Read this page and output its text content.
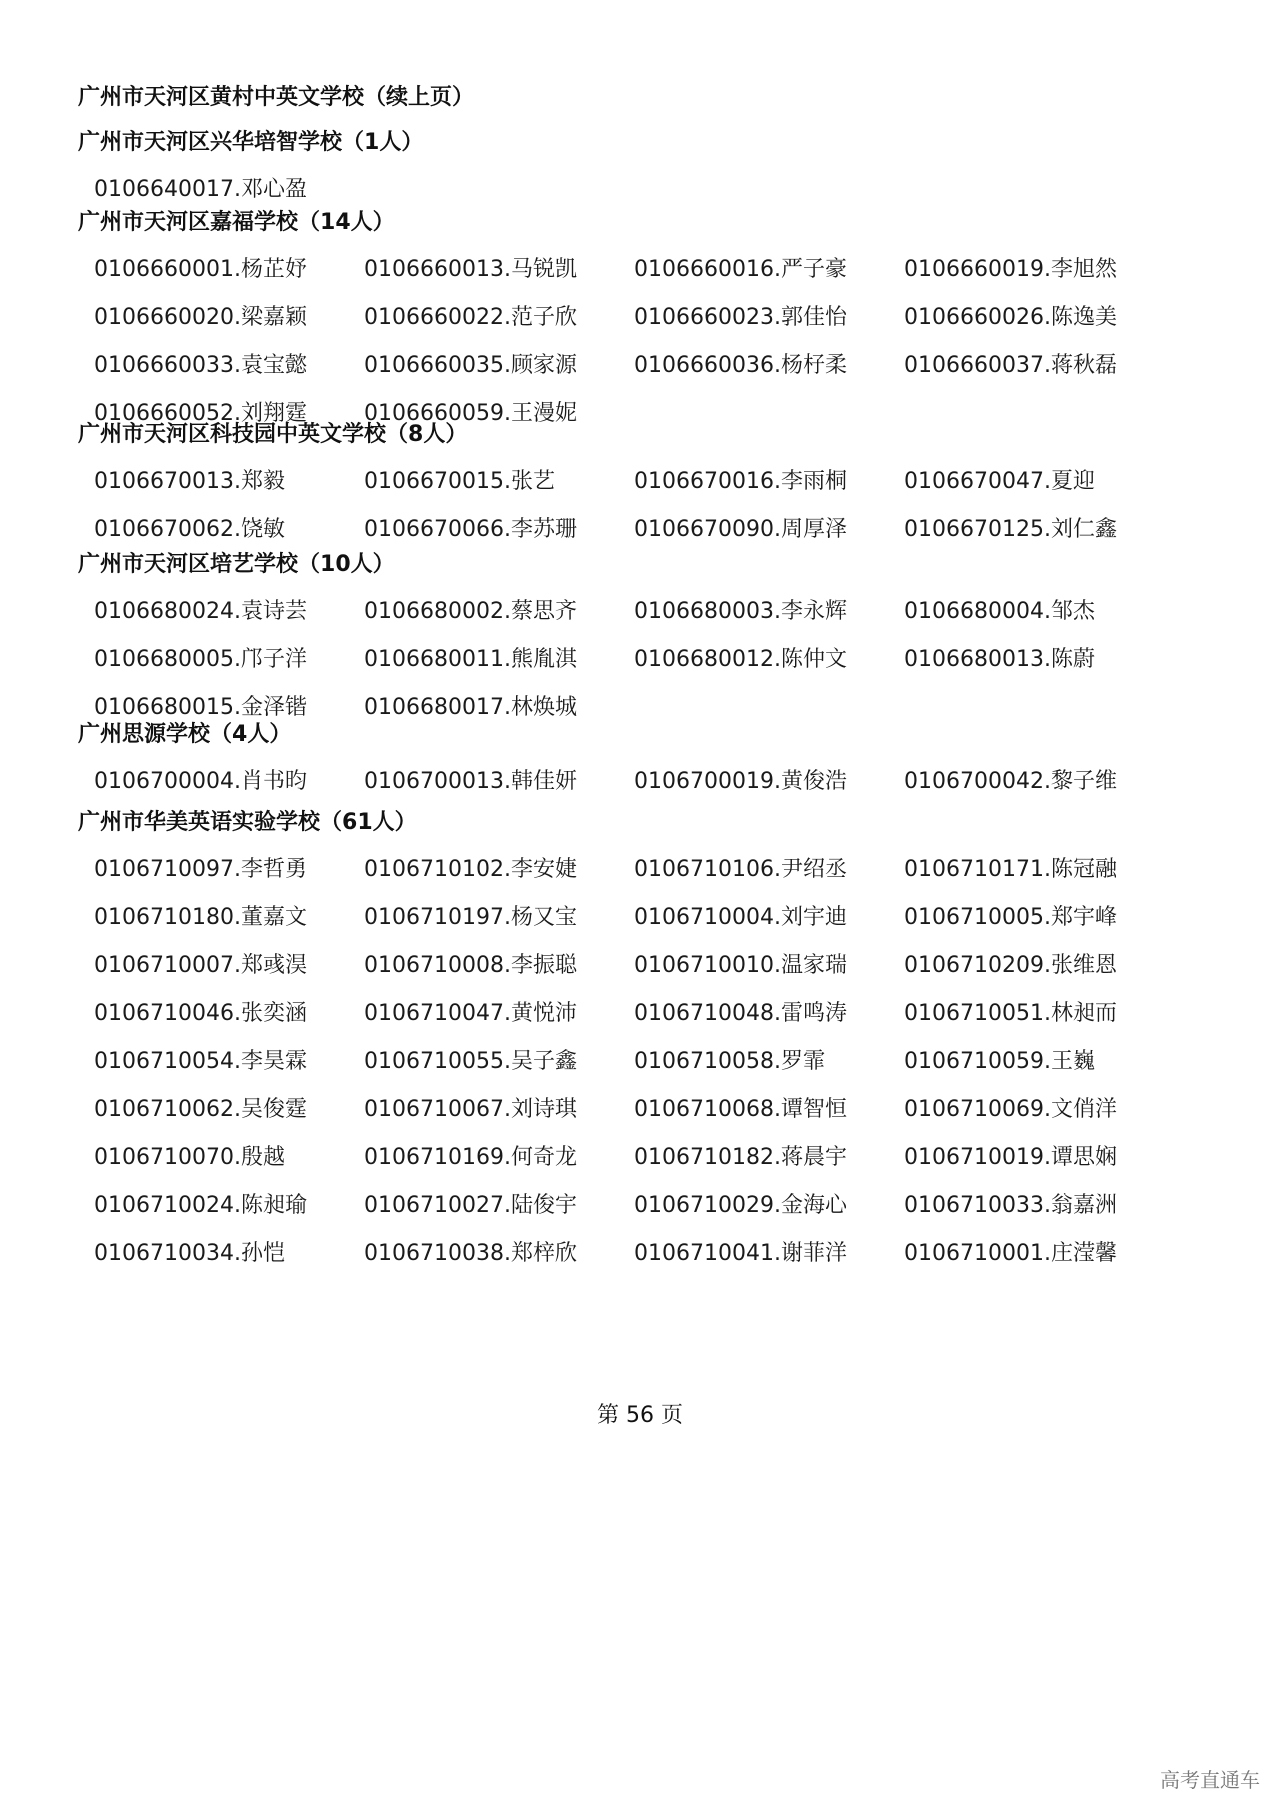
广州市天河区黄村中英文学校（续上页）
广州市天河区兴华培智学校（1人）
0106640017.邓心盈
广州市天河区嘉福学校（14人）
0106660001.杨芷妤	0106660013.马锐凯	0106660016.严子豪	0106660019.李旭然
0106660020.梁嘉颖	0106660022.范子欣	0106660023.郭佳怡	0106660026.陈逸美
0106660033.袁宝懿	0106660035.顾家源	0106660036.杨杍柔	0106660037.蒋秋磊
0106660052.刘翔霆	0106660059.王漫妮
广州市天河区科技园中英文学校（8人）
0106670013.郑毅	0106670015.张艺	0106670016.李雨桐	0106670047.夏迎
0106670062.饶敏	0106670066.李苏珊	0106670090.周厚泽	0106670125.刘仁鑫
广州市天河区培艺学校（10人）
0106680024.袁诗芸	0106680002.蔡思齐	0106680003.李永辉	0106680004.邹杰
0106680005.邝子洋	0106680011.熊胤淇	0106680012.陈仲文	0106680013.陈蔚
0106680015.金泽锴	0106680017.林焕城
广州思源学校（4人）
0106700004.肖书昀	0106700013.韩佳妍	0106700019.黄俊浩	0106700042.黎子维
广州市华美英语实验学校（61人）
0106710097.李哲勇	0106710102.李安婕	0106710106.尹绍丞	0106710171.陈冠融
0106710180.董嘉文	0106710197.杨又宝	0106710004.刘宇迪	0106710005.郑宇峰
0106710007.郑彧淏	0106710008.李振聪	0106710010.温家瑞	0106710209.张维恩
0106710046.张奕涵	0106710047.黄悦沛	0106710048.雷鸣涛	0106710051.林昶而
0106710054.李昊霖	0106710055.吴子鑫	0106710058.罗霏	0106710059.王巍
0106710062.吴俊霆	0106710067.刘诗琪	0106710068.谭智恒	0106710069.文俏洋
0106710070.殷越	0106710169.何奇龙	0106710182.蒋晨宇	0106710019.谭思娴
0106710024.陈昶瑜	0106710027.陆俊宇	0106710029.金海心	0106710033.翁嘉洲
0106710034.孙恺	0106710038.郑梓欣	0106710041.谢菲洋	0106710001.庄滢馨
第 56 页
高考直通车
